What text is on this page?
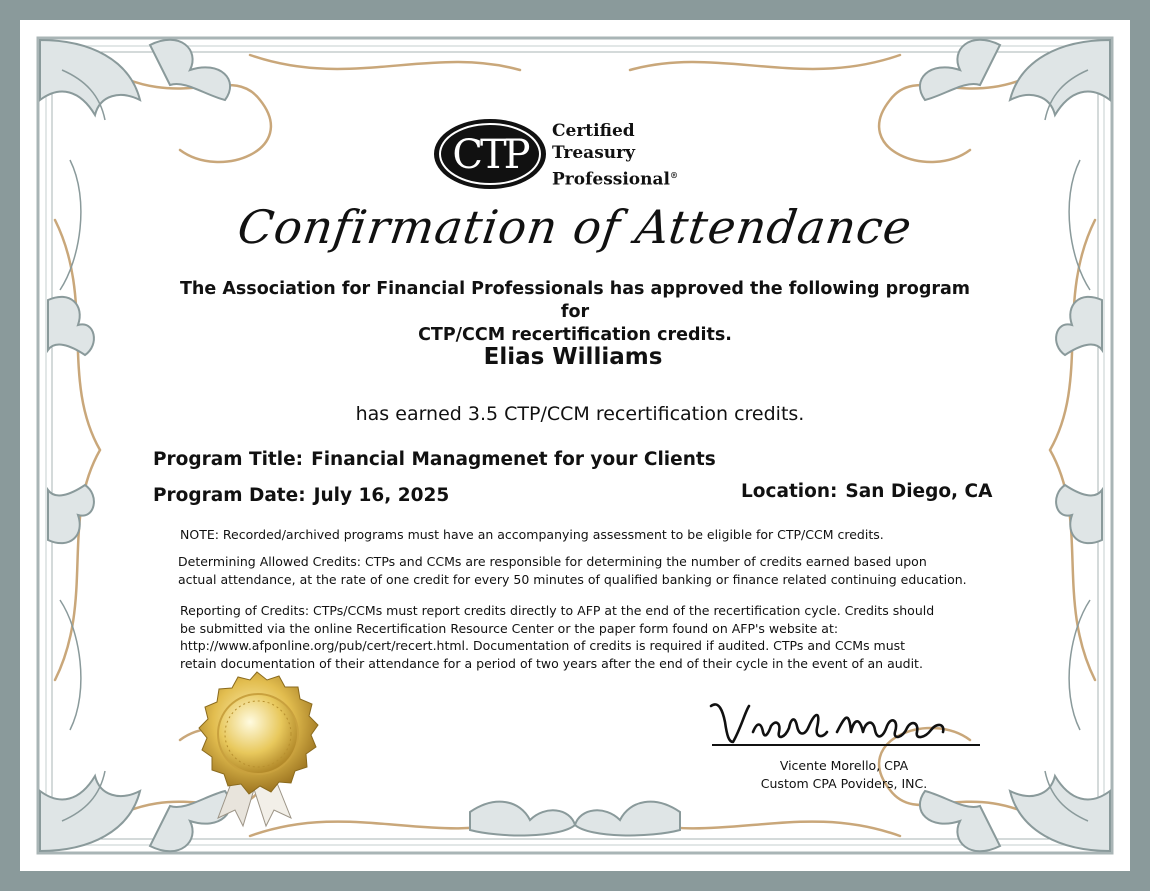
CTP
Certified
Treasury
Professional®
Confirmation of Attendance
The Association for Financial Professionals has approved the following program for
CTP/CCM recertification credits.
Elias Williams
has earned 3.5 CTP/CCM recertification credits.
Program Title: Financial Managmenet for your Clients
Program Date: July 16, 2025	Location: San Diego, CA
NOTE: Recorded/archived programs must have an accompanying assessment to be eligible for CTP/CCM credits.
Determining Allowed Credits: CTPs and CCMs are responsible for determining the number of credits earned based upon
actual attendance, at the rate of one credit for every 50 minutes of qualified banking or finance related continuing education.
Reporting of Credits: CTPs/CCMs must report credits directly to AFP at the end of the recertification cycle. Credits should
be submitted via the online Recertification Resource Center or the paper form found on AFP's website at:
http://www.afponline.org/pub/cert/recert.html. Documentation of credits is required if audited. CTPs and CCMs must
retain documentation of their attendance for a period of two years after the end of their cycle in the event of an audit.
Vicente Morello, CPA
Custom CPA Poviders, INC.
